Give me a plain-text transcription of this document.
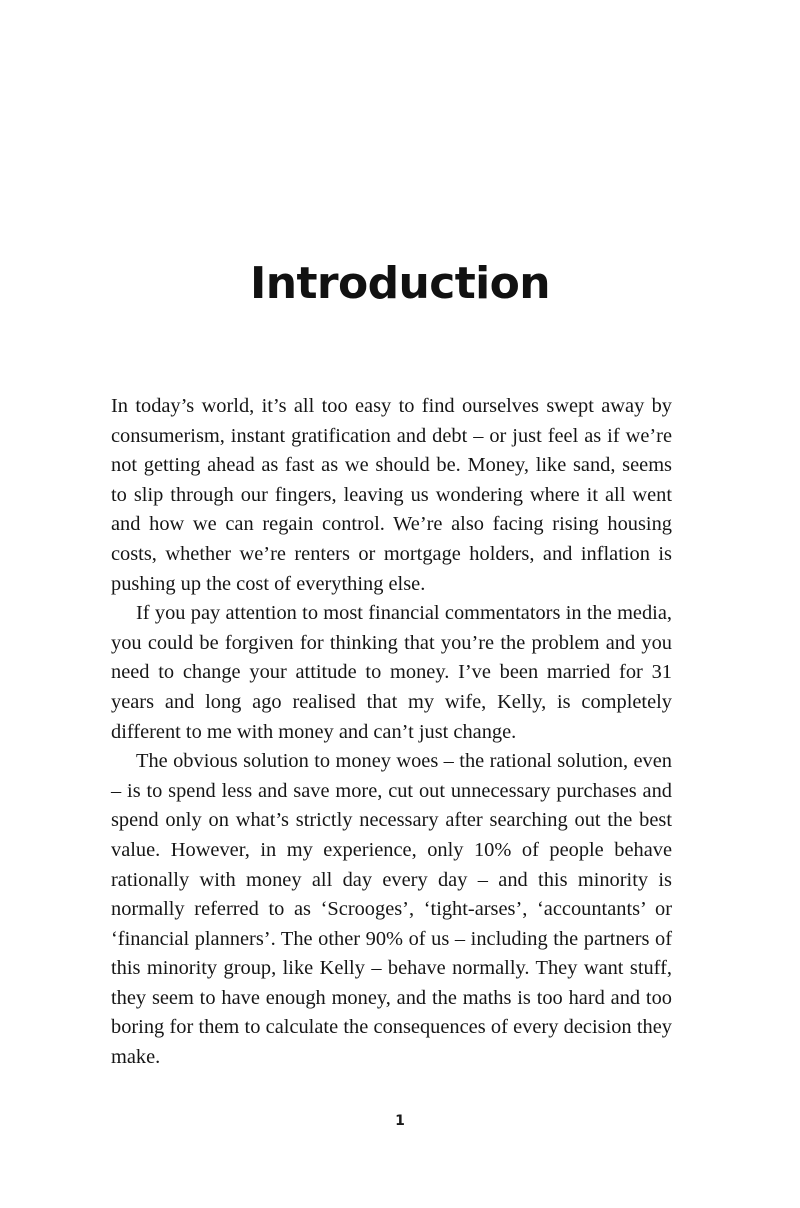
Introduction

In today’s world, it’s all too easy to find ourselves swept away by consumerism, instant gratification and debt – or just feel as if we’re not getting ahead as fast as we should be. Money, like sand, seems to slip through our fingers, leaving us wondering where it all went and how we can regain control. We’re also facing rising housing costs, whether we’re renters or mortgage holders, and inflation is pushing up the cost of everything else.

If you pay attention to most financial commentators in the media, you could be forgiven for thinking that you’re the problem and you need to change your attitude to money. I’ve been married for 31 years and long ago realised that my wife, Kelly, is completely different to me with money and can’t just change.

The obvious solution to money woes – the rational solution, even – is to spend less and save more, cut out unnecessary purchases and spend only on what’s strictly necessary after searching out the best value. However, in my experience, only 10% of people behave rationally with money all day every day – and this minority is normally referred to as ‘Scrooges’, ‘tight-arses’, ‘accountants’ or ‘financial planners’. The other 90% of us – including the partners of this minority group, like Kelly – behave normally. They want stuff, they seem to have enough money, and the maths is too hard and too boring for them to calculate the consequences of every decision they make.

1
